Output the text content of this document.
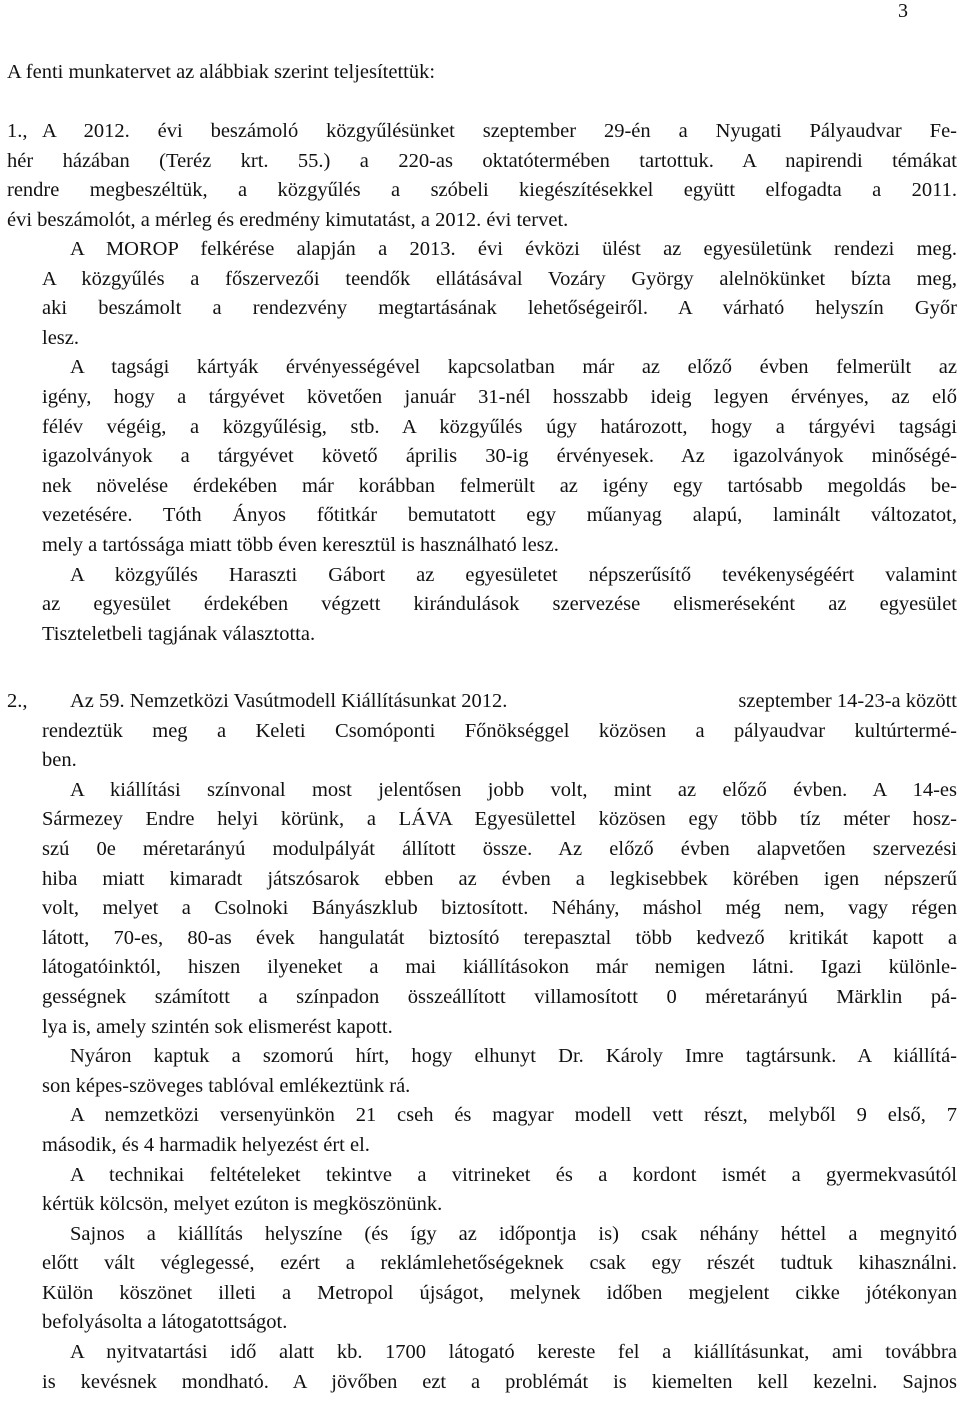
3
A fenti munkatervet az alábbiak szerint teljesítettük:
1., A 2012. évi beszámoló közgyűlésünket szeptember 29-én a Nyugati Pályaudvar Fe-
hér házában (Teréz krt. 55.) a 220-as oktatótermében tartottuk. A napirendi témákat
rendre megbeszéltük, a közgyűlés a szóbeli kiegészítésekkel együtt elfogadta a 2011.
évi beszámolót, a mérleg és eredmény kimutatást, a 2012. évi tervet.

A MOROP felkérése alapján a 2013. évi évközi ülést az egyesületünk rendezi meg.
A közgyűlés a főszervezői teendők ellátásával Vozáry György alelnökünket bízta meg,
aki beszámolt a rendezvény megtartásának lehetőségeiről. A várható helyszín Győr
lesz.

A tagsági kártyák érvényességével kapcsolatban már az előző évben felmerült az
igény, hogy a tárgyévet követően január 31-nél hosszabb ideig legyen érvényes, az elő
félév végéig, a közgyűlésig, stb. A közgyűlés úgy határozott, hogy a tárgyévi tagsági
igazolványok a tárgyévet követő április 30-ig érvényesek. Az igazolványok minőségé-
nek növelése érdekében már korábban felmerült az igény egy tartósabb megoldás be-
vezetésére. Tóth Ányos főtitkár bemutatott egy műanyag alapú, laminált változatot,
mely a tartóssága miatt több éven keresztül is használható lesz.

A közgyűlés Haraszti Gábort az egyesületet népszerűsítő tevékenységéért valamint
az egyesület érdekében végzett kirándulások szervezése elismeréseként az egyesület
Tiszteletbeli tagjának választotta.

2.,	Az 59. Nemzetközi Vasútmodell Kiállításunkat 2012.	szeptember 14-23-a között
rendeztük meg a Keleti Csomóponti Főnökséggel közösen a pályaudvar kultúrtermé-
ben.

A kiállítási színvonal most jelentősen jobb volt, mint az előző évben. A 14-es
Sármezey Endre helyi körünk, a LÁVA Egyesülettel közösen egy több tíz méter hosz-
szú 0e méretarányú modulpályát állított össze. Az előző évben alapvetően szervezési
hiba miatt kimaradt játszósarok ebben az évben a legkisebbek körében igen népszerű
volt, melyet a Csolnoki Bányászklub biztosított. Néhány, máshol még nem, vagy régen
látott, 70-es, 80-as évek hangulatát biztosító terepasztal több kedvező kritikát kapott a
látogatóinktól, hiszen ilyeneket a mai kiállításokon már nemigen látni. Igazi különle-
gességnek számított a színpadon összeállított villamosított 0 méretarányú Märklin pá-
lya is, amely szintén sok elismerést kapott.

Nyáron kaptuk a szomorú hírt, hogy elhunyt Dr. Károly Imre tagtársunk. A kiállítá-
son képes-szöveges tablóval emlékeztünk rá.

A nemzetközi versenyünkön 21 cseh és magyar modell vett részt, melyből 9 első, 7
második, és 4 harmadik helyezést ért el.

A technikai feltételeket tekintve a vitrineket és a kordont ismét a gyermekvasútól
kértük kölcsön, melyet ezúton is megköszönünk.

Sajnos a kiállítás helyszíne (és így az időpontja is) csak néhány héttel a megnyitó
előtt vált véglegessé, ezért a reklámlehetőségeknek csak egy részét tudtuk kihasználni.
Külön köszönet illeti a Metropol újságot, melynek időben megjelent cikke jótékonyan
befolyásolta a látogatottságot.

A nyitvatartási idő alatt kb. 1700 látogató kereste fel a kiállításunkat, ami továbbra
is kevésnek mondható. A jövőben ezt a problémát is kiemelten kell kezelni. Sajnos
